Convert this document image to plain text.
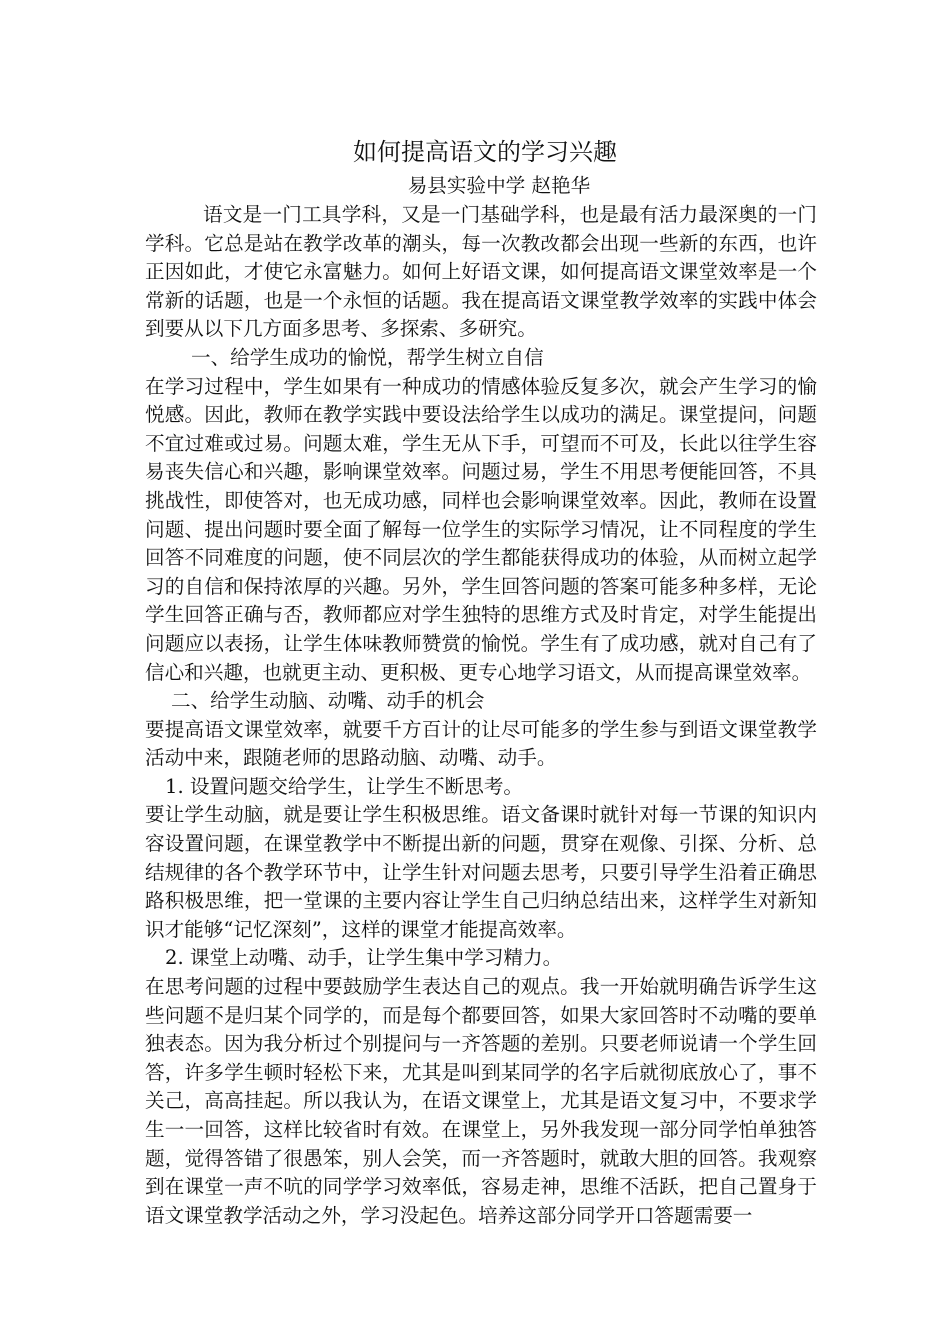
如何提高语文的学习兴趣

易县实验中学 赵艳华

语文是一门工具学科，又是一门基础学科，也是最有活力最深奥的一门学科。它总是站在教学改革的潮头，每一次教改都会出现一些新的东西，也许正因如此，才使它永富魅力。如何上好语文课，如何提高语文课堂效率是一个常新的话题，也是一个永恒的话题。我在提高语文课堂教学效率的实践中体会到要从以下几方面多思考、多探索、多研究。

一、给学生成功的愉悦，帮学生树立自信

在学习过程中，学生如果有一种成功的情感体验反复多次，就会产生学习的愉悦感。因此，教师在教学实践中要设法给学生以成功的满足。课堂提问，问题不宜过难或过易。问题太难，学生无从下手，可望而不可及，长此以往学生容易丧失信心和兴趣，影响课堂效率。问题过易，学生不用思考便能回答，不具挑战性，即使答对，也无成功感，同样也会影响课堂效率。因此，教师在设置问题、提出问题时要全面了解每一位学生的实际学习情况，让不同程度的学生回答不同难度的问题，使不同层次的学生都能获得成功的体验，从而树立起学习的自信和保持浓厚的兴趣。另外，学生回答问题的答案可能多种多样，无论学生回答正确与否，教师都应对学生独特的思维方式及时肯定，对学生能提出问题应以表扬，让学生体味教师赞赏的愉悦。学生有了成功感，就对自己有了信心和兴趣，也就更主动、更积极、更专心地学习语文，从而提高课堂效率。

二、给学生动脑、动嘴、动手的机会

要提高语文课堂效率，就要千方百计的让尽可能多的学生参与到语文课堂教学活动中来，跟随老师的思路动脑、动嘴、动手。

1. 设置问题交给学生，让学生不断思考。

要让学生动脑，就是要让学生积极思维。语文备课时就针对每一节课的知识内容设置问题，在课堂教学中不断提出新的问题，贯穿在观像、引探、分析、总结规律的各个教学环节中，让学生针对问题去思考，只要引导学生沿着正确思路积极思维，把一堂课的主要内容让学生自己归纳总结出来，这样学生对新知识才能够“记忆深刻”，这样的课堂才能提高效率。

2. 课堂上动嘴、动手，让学生集中学习精力。

在思考问题的过程中要鼓励学生表达自己的观点。我一开始就明确告诉学生这些问题不是归某个同学的，而是每个都要回答，如果大家回答时不动嘴的要单独表态。因为我分析过个别提问与一齐答题的差别。只要老师说请一个学生回答，许多学生顿时轻松下来，尤其是叫到某同学的名字后就彻底放心了，事不关己，高高挂起。所以我认为，在语文课堂上，尤其是语文复习中，不要求学生一一回答，这样比较省时有效。在课堂上，另外我发现一部分同学怕单独答题，觉得答错了很愚笨，别人会笑，而一齐答题时，就敢大胆的回答。我观察到在课堂一声不吭的同学学习效率低，容易走神，思维不活跃，把自己置身于语文课堂教学活动之外，学习没起色。培养这部分同学开口答题需要一
